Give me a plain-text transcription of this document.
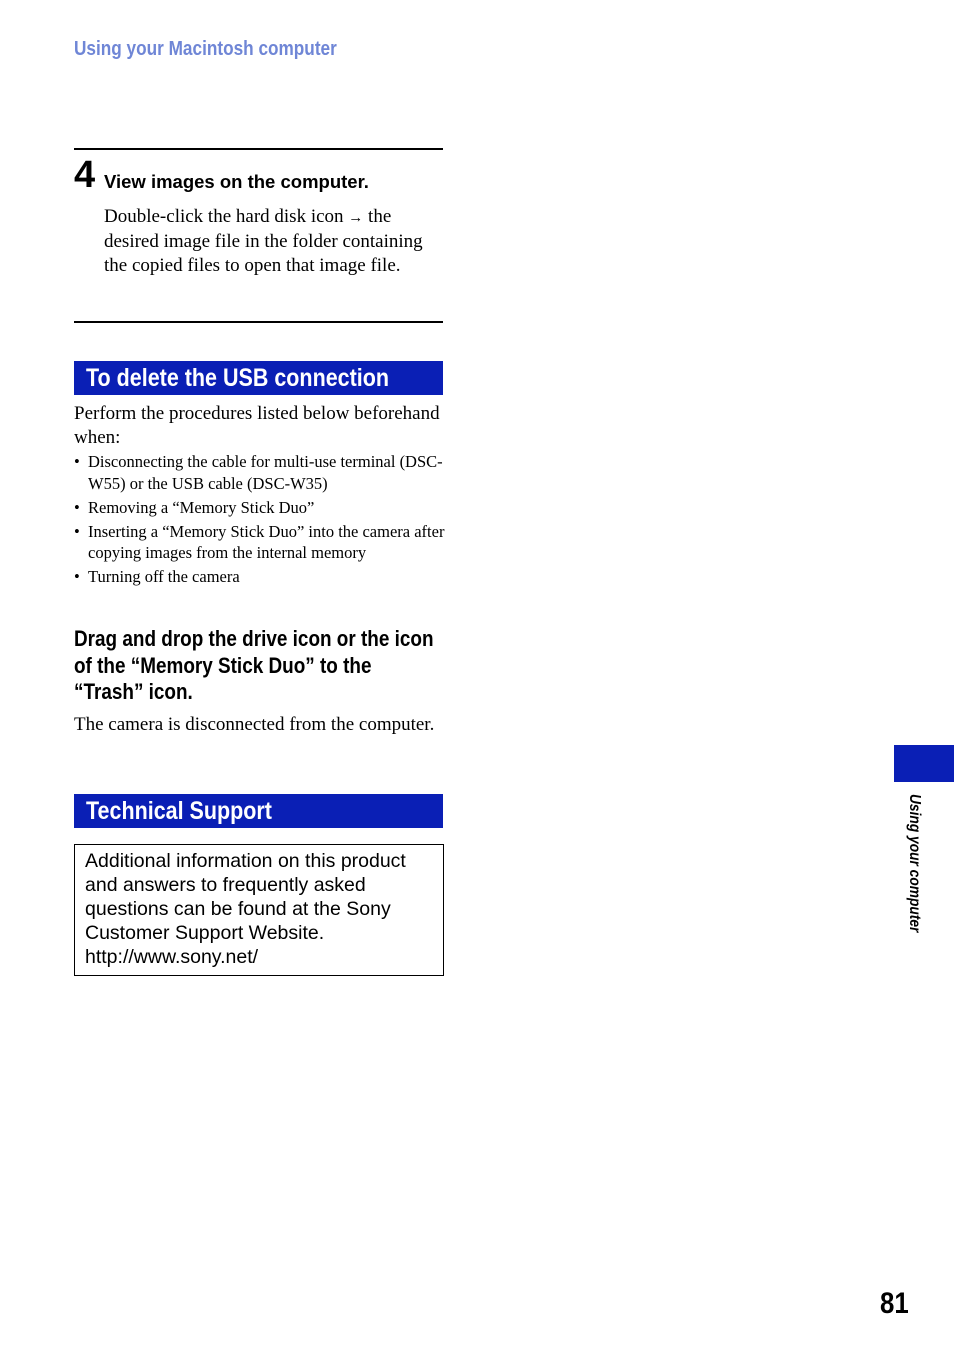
Using your Macintosh computer
4 View images on the computer.
Double-click the hard disk icon → the desired image file in the folder containing the copied files to open that image file.
To delete the USB connection
Perform the procedures listed below beforehand when:
• Disconnecting the cable for multi-use terminal (DSC-W55) or the USB cable (DSC-W35)
• Removing a “Memory Stick Duo”
• Inserting a “Memory Stick Duo” into the camera after copying images from the internal memory
• Turning off the camera
Drag and drop the drive icon or the icon of the “Memory Stick Duo” to the “Trash” icon.
The camera is disconnected from the computer.
Technical Support
Additional information on this product and answers to frequently asked questions can be found at the Sony Customer Support Website.
http://www.sony.net/
Using your computer
81
